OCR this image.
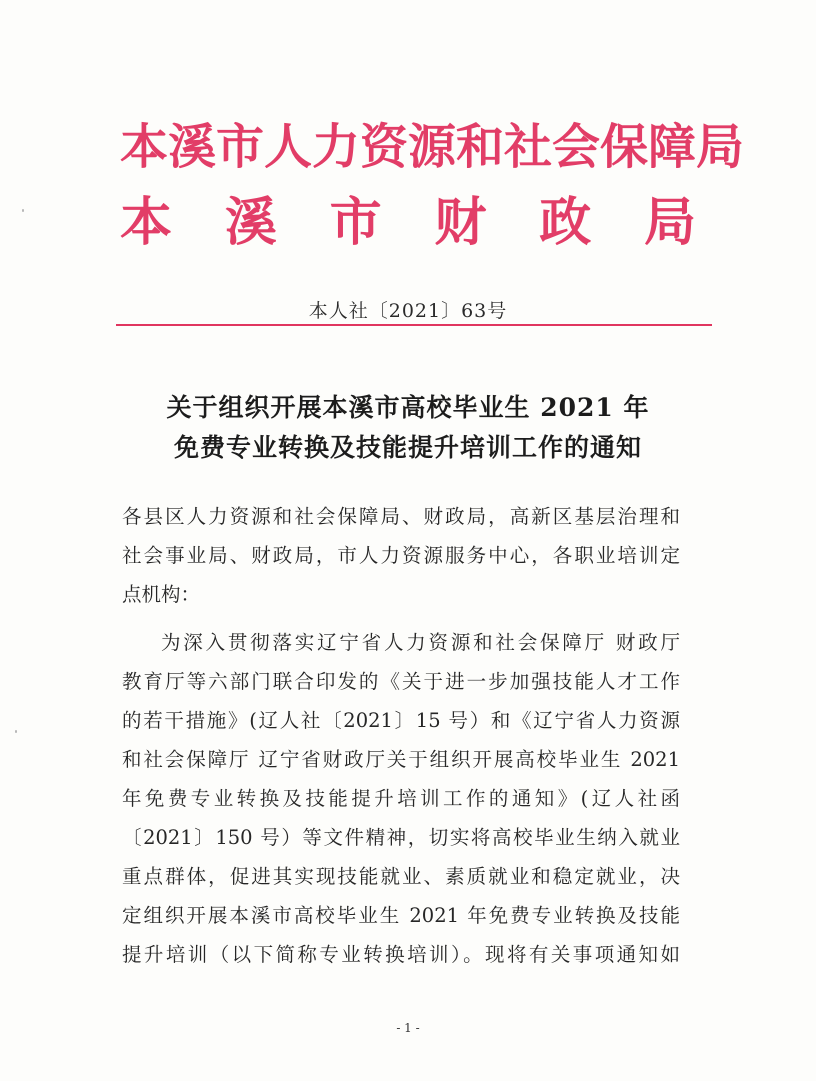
本溪市人力资源和社会保障局
本　溪　市　财　政　局
本人社〔2021〕63号
关于组织开展本溪市高校毕业生 2021 年
免费专业转换及技能提升培训工作的通知
各县区人力资源和社会保障局、财政局，高新区基层治理和
社会事业局、财政局，市人力资源服务中心，各职业培训定
点机构：
为深入贯彻落实辽宁省人力资源和社会保障厅 财政厅
教育厅等六部门联合印发的《关于进一步加强技能人才工作
的若干措施》(辽人社〔2021〕15 号）和《辽宁省人力资源
和社会保障厅 辽宁省财政厅关于组织开展高校毕业生 2021
年免费专业转换及技能提升培训工作的通知》(辽人社函
〔2021〕150 号）等文件精神，切实将高校毕业生纳入就业
重点群体，促进其实现技能就业、素质就业和稳定就业，决
定组织开展本溪市高校毕业生 2021 年免费专业转换及技能
提升培训（以下简称专业转换培训）。现将有关事项通知如
- 1 -
